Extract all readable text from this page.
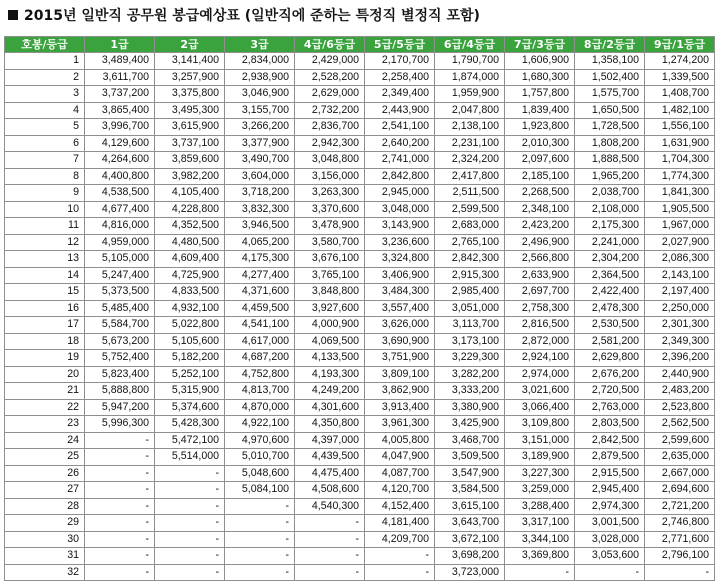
2015년 일반직 공무원 봉급예상표 (일반직에 준하는 특정직 별정직 포함)
호봉/등급	1급	2급	3급	4급/6등급	5급/5등급	6급/4등급	7급/3등급	8급/2등급	9급/1등급
1	3,489,400	3,141,400	2,834,000	2,429,000	2,170,700	1,790,700	1,606,900	1,358,100	1,274,200
2	3,611,700	3,257,900	2,938,900	2,528,200	2,258,400	1,874,000	1,680,300	1,502,400	1,339,500
3	3,737,200	3,375,800	3,046,900	2,629,000	2,349,400	1,959,900	1,757,800	1,575,700	1,408,700
4	3,865,400	3,495,300	3,155,700	2,732,200	2,443,900	2,047,800	1,839,400	1,650,500	1,482,100
5	3,996,700	3,615,900	3,266,200	2,836,700	2,541,100	2,138,100	1,923,800	1,728,500	1,556,100
6	4,129,600	3,737,100	3,377,900	2,942,300	2,640,200	2,231,100	2,010,300	1,808,200	1,631,900
7	4,264,600	3,859,600	3,490,700	3,048,800	2,741,000	2,324,200	2,097,600	1,888,500	1,704,300
8	4,400,800	3,982,200	3,604,000	3,156,000	2,842,800	2,417,800	2,185,100	1,965,200	1,774,300
9	4,538,500	4,105,400	3,718,200	3,263,300	2,945,000	2,511,500	2,268,500	2,038,700	1,841,300
10	4,677,400	4,228,800	3,832,300	3,370,600	3,048,000	2,599,500	2,348,100	2,108,000	1,905,500
11	4,816,000	4,352,500	3,946,500	3,478,900	3,143,900	2,683,000	2,423,200	2,175,300	1,967,000
12	4,959,000	4,480,500	4,065,200	3,580,700	3,236,600	2,765,100	2,496,900	2,241,000	2,027,900
13	5,105,000	4,609,400	4,175,300	3,676,100	3,324,800	2,842,300	2,566,800	2,304,200	2,086,300
14	5,247,400	4,725,900	4,277,400	3,765,100	3,406,900	2,915,300	2,633,900	2,364,500	2,143,100
15	5,373,500	4,833,500	4,371,600	3,848,800	3,484,300	2,985,400	2,697,700	2,422,400	2,197,400
16	5,485,400	4,932,100	4,459,500	3,927,600	3,557,400	3,051,000	2,758,300	2,478,300	2,250,000
17	5,584,700	5,022,800	4,541,100	4,000,900	3,626,000	3,113,700	2,816,500	2,530,500	2,301,300
18	5,673,200	5,105,600	4,617,000	4,069,500	3,690,900	3,173,100	2,872,000	2,581,200	2,349,300
19	5,752,400	5,182,200	4,687,200	4,133,500	3,751,900	3,229,300	2,924,100	2,629,800	2,396,200
20	5,823,400	5,252,100	4,752,800	4,193,300	3,809,100	3,282,200	2,974,000	2,676,200	2,440,900
21	5,888,800	5,315,900	4,813,700	4,249,200	3,862,900	3,333,200	3,021,600	2,720,500	2,483,200
22	5,947,200	5,374,600	4,870,000	4,301,600	3,913,400	3,380,900	3,066,400	2,763,000	2,523,800
23	5,996,300	5,428,300	4,922,100	4,350,800	3,961,300	3,425,900	3,109,800	2,803,500	2,562,500
24	-	5,472,100	4,970,600	4,397,000	4,005,800	3,468,700	3,151,000	2,842,500	2,599,600
25	-	5,514,000	5,010,700	4,439,500	4,047,900	3,509,500	3,189,900	2,879,500	2,635,000
26	-	-	5,048,600	4,475,400	4,087,700	3,547,900	3,227,300	2,915,500	2,667,000
27	-	-	5,084,100	4,508,600	4,120,700	3,584,500	3,259,000	2,945,400	2,694,600
28	-	-	-	4,540,300	4,152,400	3,615,100	3,288,400	2,974,300	2,721,200
29	-	-	-	-	4,181,400	3,643,700	3,317,100	3,001,500	2,746,800
30	-	-	-	-	4,209,700	3,672,100	3,344,100	3,028,000	2,771,600
31	-	-	-	-	-	3,698,200	3,369,800	3,053,600	2,796,100
32	-	-	-	-	-	3,723,000	-	-	-
